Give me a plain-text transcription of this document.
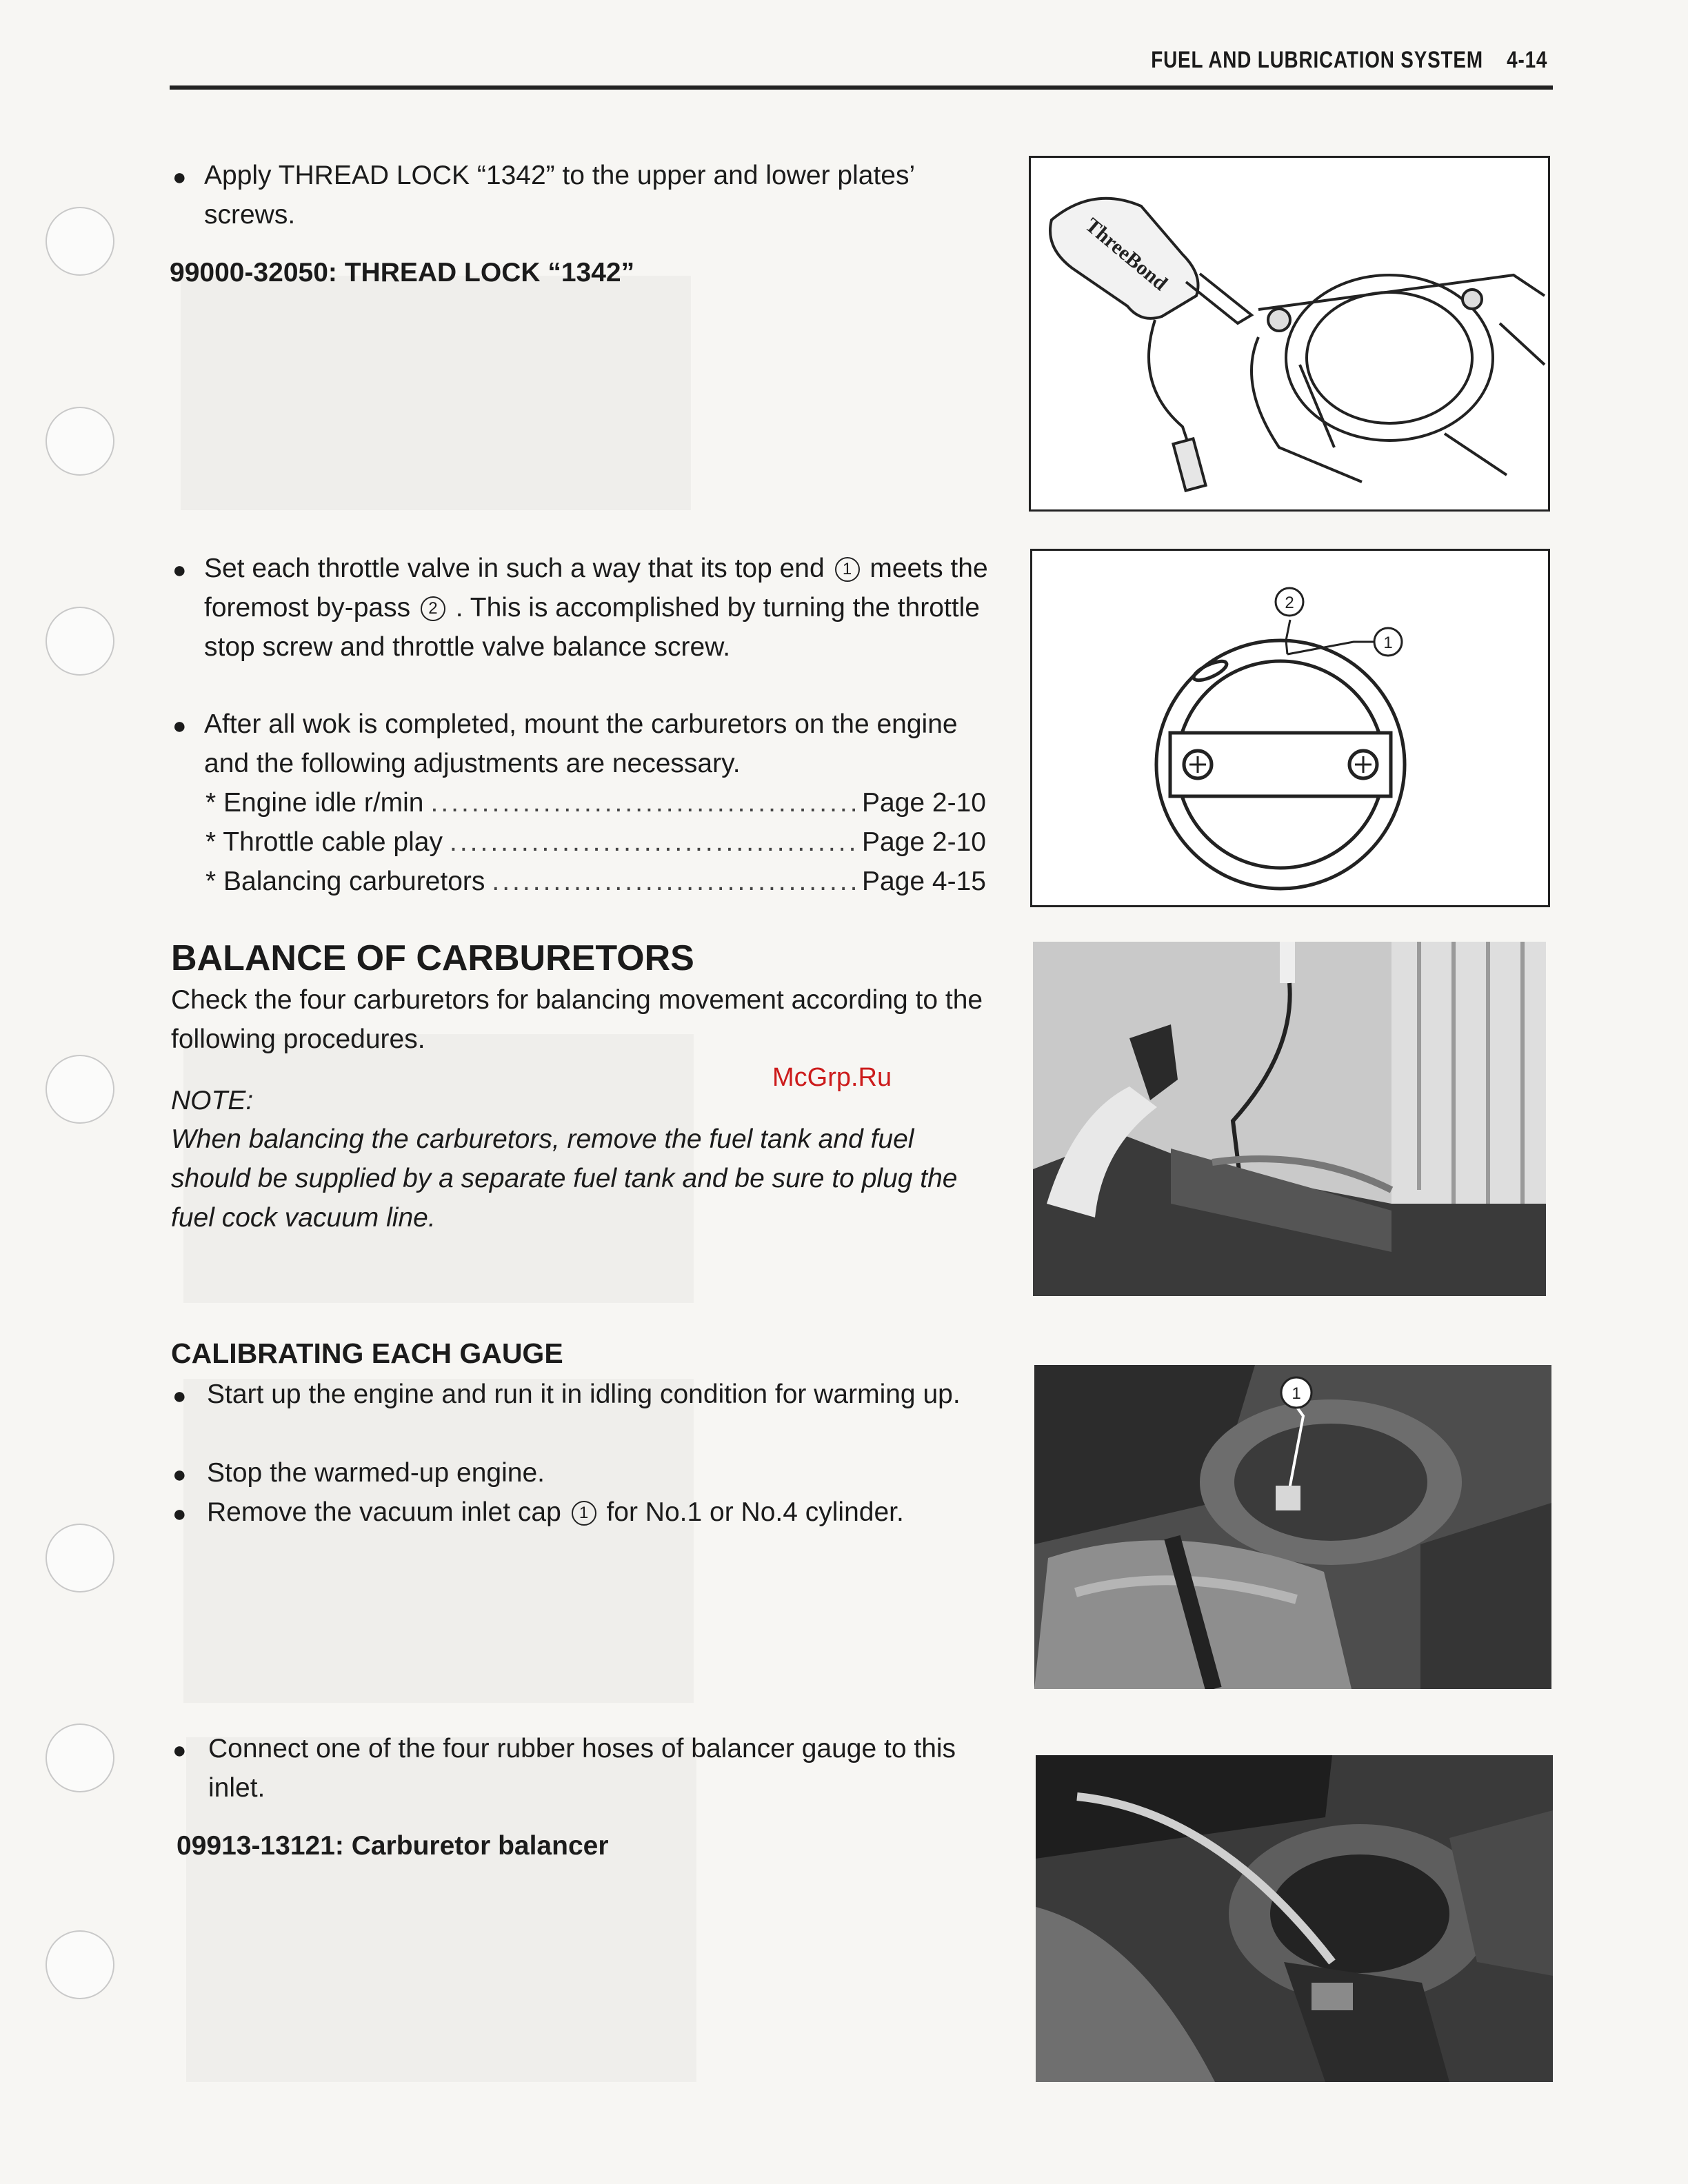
FUEL AND LUBRICATION SYSTEM 4-14
● Apply THREAD LOCK “1342” to the upper and lower plates’ screws.
99000-32050: THREAD LOCK “1342”
● Set each throttle valve in such a way that its top end 1 meets the foremost by-pass 2 . This is accomplished by turning the throttle stop screw and throttle valve balance screw.
● After all wok is completed, mount the carburetors on the engine and the following adjustments are necessary.
* Engine idle r/min .....	Page 2-10
* Throttle cable play .....	Page 2-10
* Balancing carburetors .....	Page 4-15
BALANCE OF CARBURETORS
Check the four carburetors for balancing movement according to the following procedures.
NOTE:
When balancing the carburetors, remove the fuel tank and fuel should be supplied by a separate fuel tank and be sure to plug the fuel cock vacuum line.
McGrp.Ru
CALIBRATING EACH GAUGE
● Start up the engine and run it in idling condition for warming up.
● Stop the warmed-up engine.
● Remove the vacuum inlet cap 1 for No.1 or No.4 cylinder.
● Connect one of the four rubber hoses of balancer gauge to this inlet.
09913-13121: Carburetor balancer
ThreeBond
2
1
1
